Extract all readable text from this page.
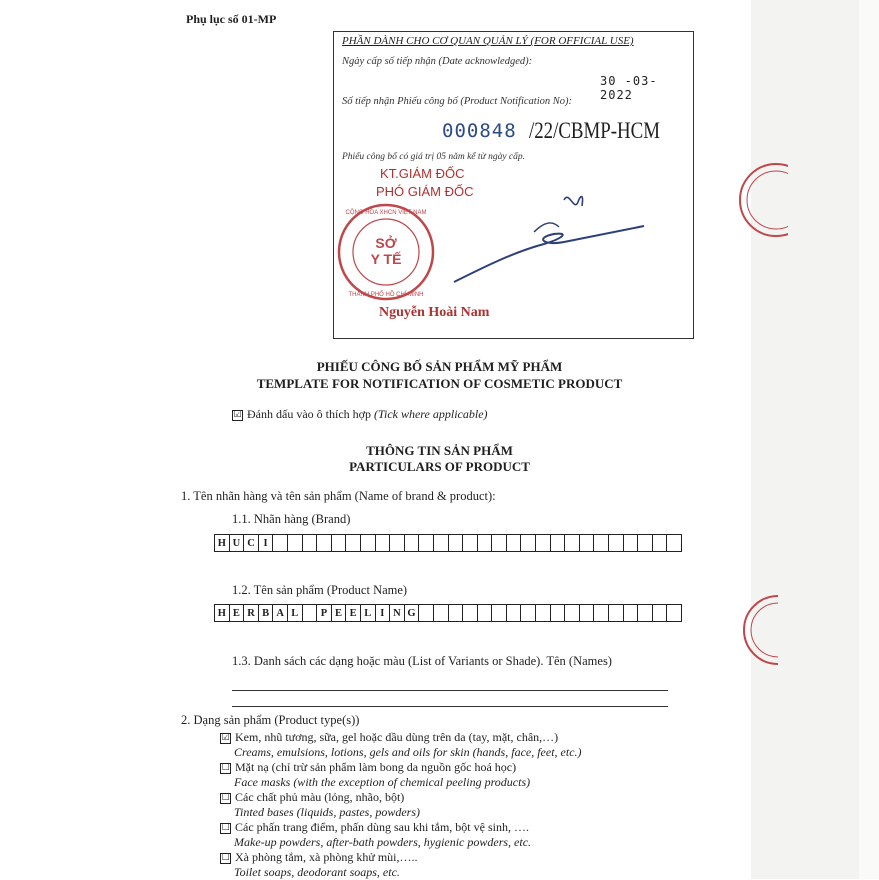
Phụ lục số 01-MP
PHẦN DÀNH CHO CƠ QUAN QUẢN LÝ (FOR OFFICIAL USE)
Ngày cấp số tiếp nhận (Date acknowledged):
30 -03- 2022
Số tiếp nhận Phiếu công bố (Product Notification No):
000848 /22/CBMP-HCM
Phiếu công bố có giá trị 05 năm kể từ ngày cấp.
KT.GIÁM ĐỐC
PHÓ GIÁM ĐỐC
SỞ
Y TẾ
CỘNG HÒA XHCN VIỆT NAM
THÀNH PHỐ HỒ CHÍ MINH
Nguyễn Hoài Nam
PHIẾU CÔNG BỐ SẢN PHẨM MỸ PHẨM
TEMPLATE FOR NOTIFICATION OF COSMETIC PRODUCT
☑ Đánh dấu vào ô thích hợp (Tick where applicable)
THÔNG TIN SẢN PHẨM
PARTICULARS OF PRODUCT
1. Tên nhãn hàng và tên sản phẩm (Name of brand & product):
1.1. Nhãn hàng (Brand)
H	U	C	I																												
1.2. Tên sản phẩm (Product Name)
H	E	R	B	A	L		P	E	E	L	I	N	G																		
1.3. Danh sách các dạng hoặc màu (List of Variants or Shade). Tên (Names)
2. Dạng sản phẩm (Product type(s))
☑ Kem, nhũ tương, sữa, gel hoặc dầu dùng trên da (tay, mặt, chân,…)
Creams, emulsions, lotions, gels and oils for skin (hands, face, feet, etc.)
☐ Mặt nạ (chỉ trừ sản phẩm làm bong da nguồn gốc hoá học)
Face masks (with the exception of chemical peeling products)
☐ Các chất phủ màu (lỏng, nhão, bột)
Tinted bases (liquids, pastes, powders)
☐ Các phấn trang điểm, phấn dùng sau khi tắm, bột vệ sinh, ….
Make-up powders, after-bath powders, hygienic powders, etc.
☐ Xà phòng tắm, xà phòng khử mùi,…..
Toilet soaps, deodorant soaps, etc.
